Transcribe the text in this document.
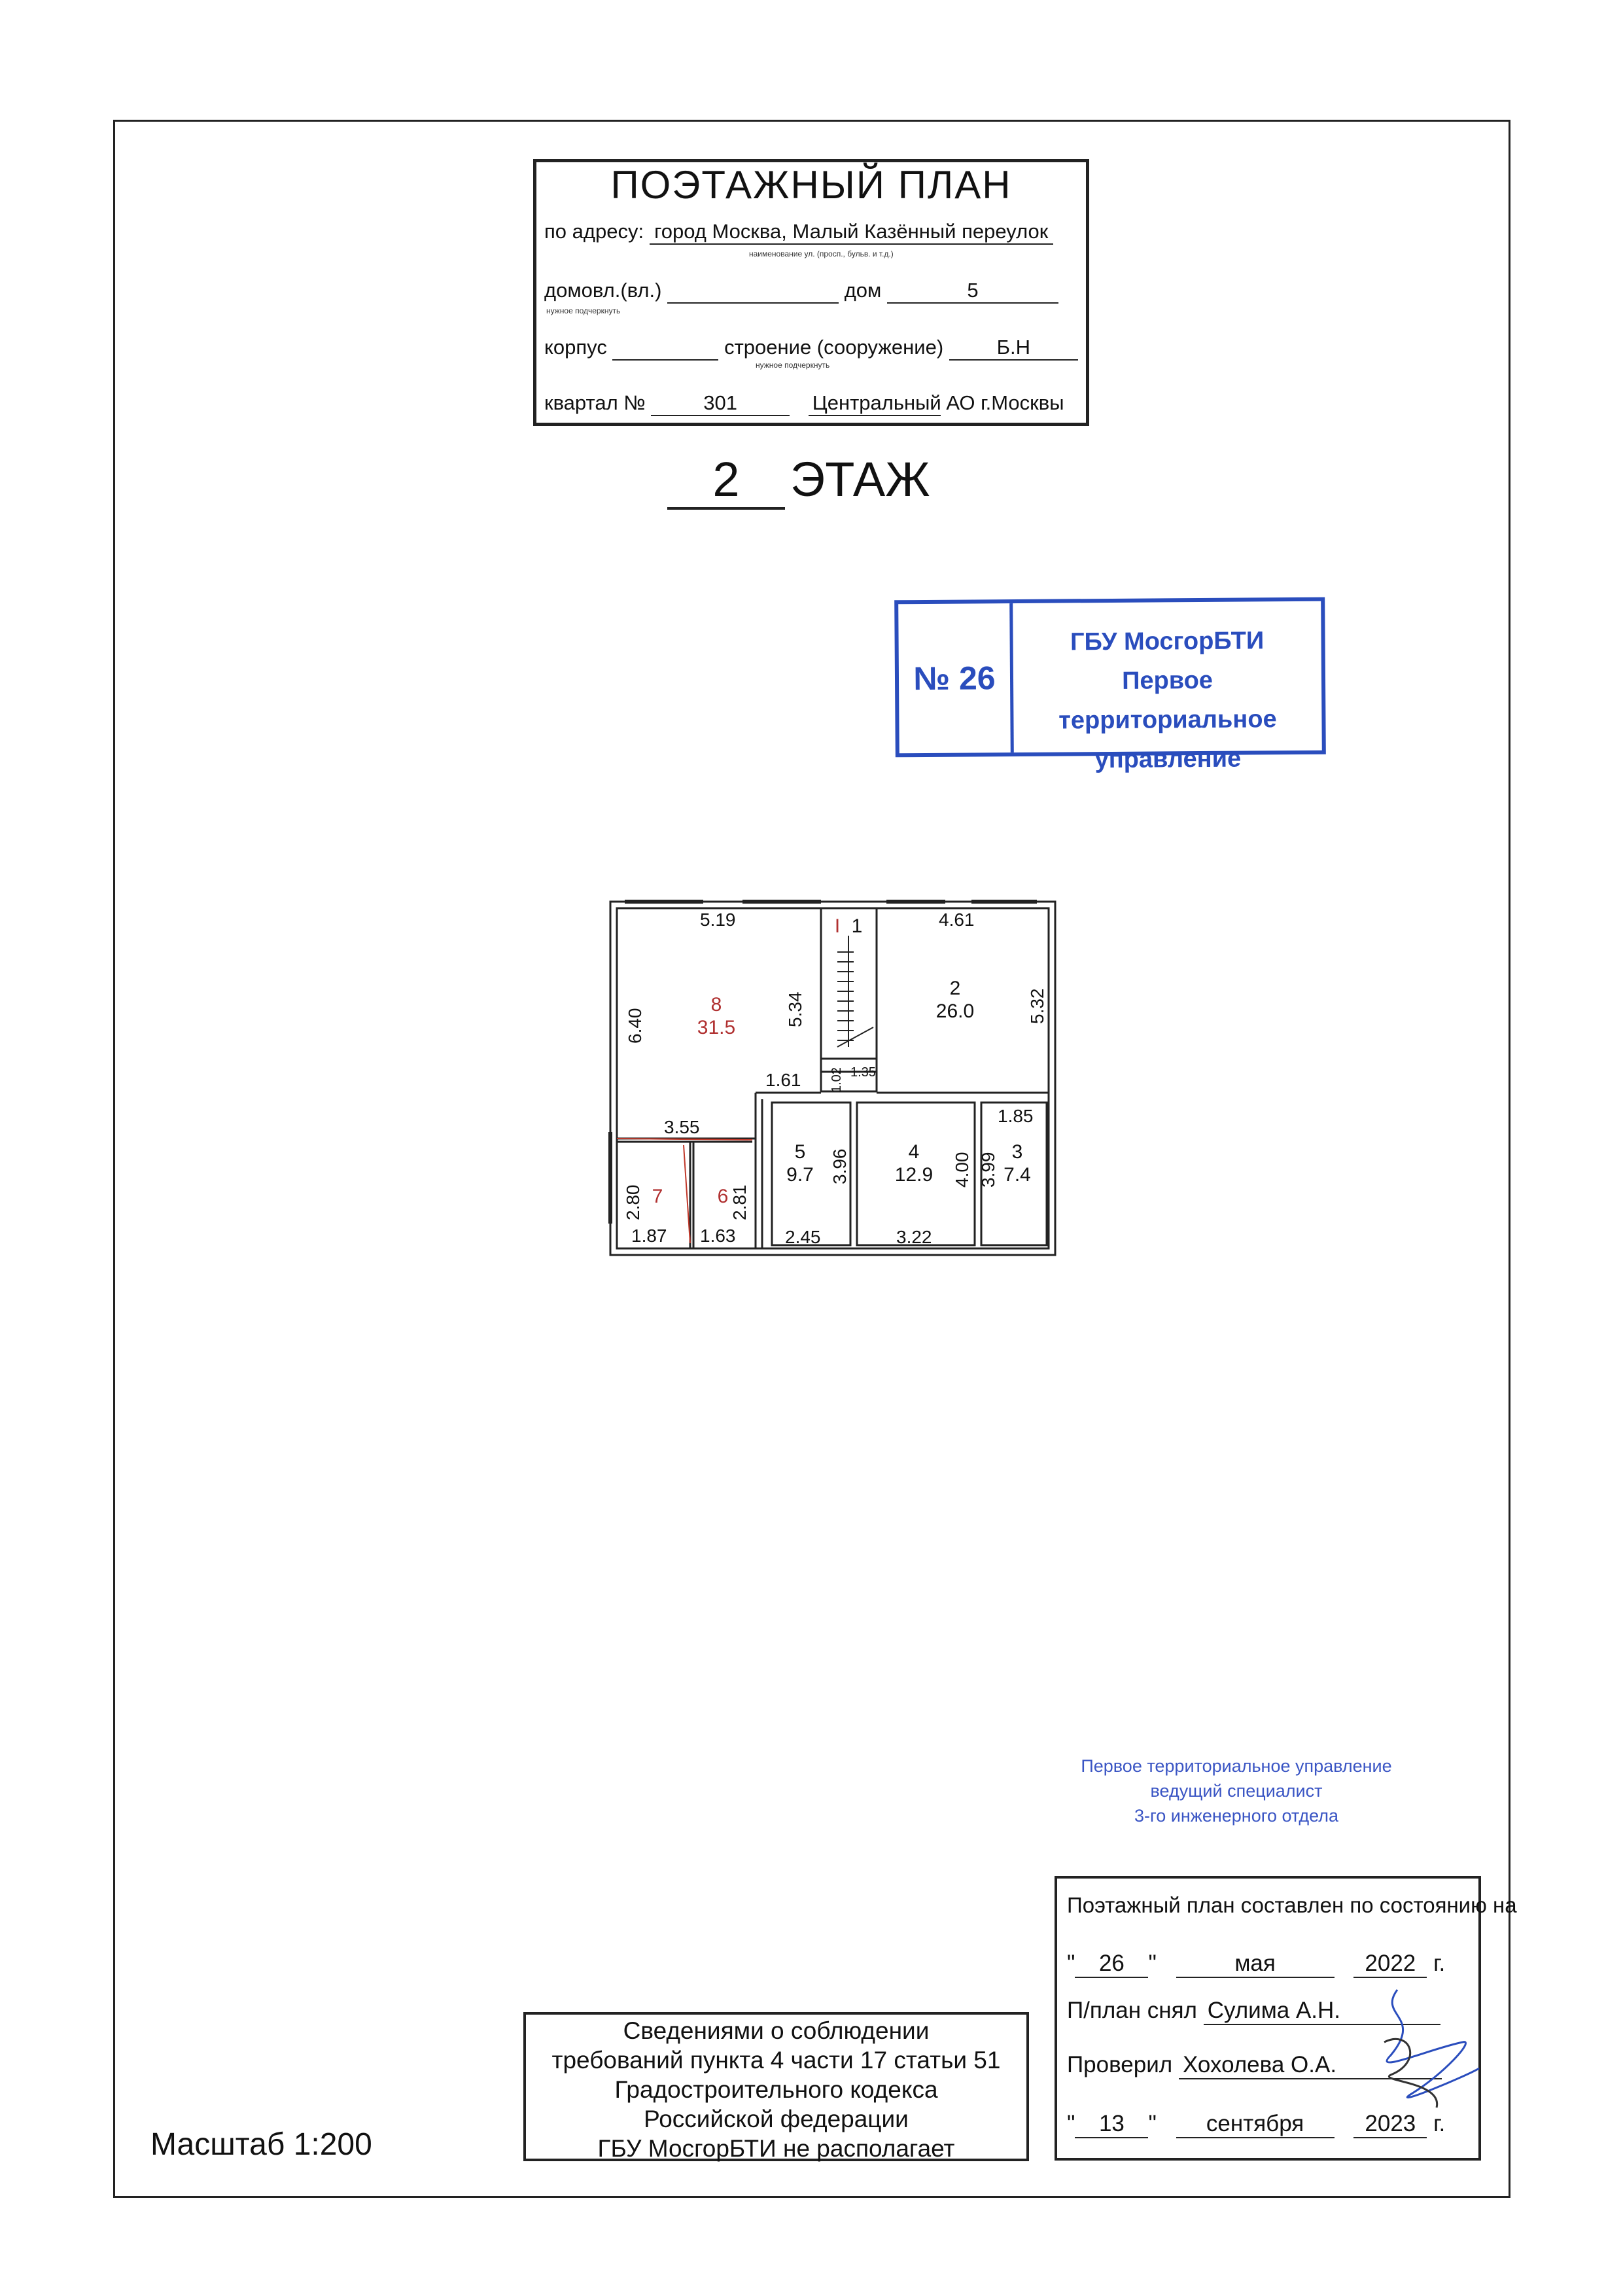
ПОЭТАЖНЫЙ ПЛАН
по адресу: город Москва, Малый Казённый переулок
наименование ул. (просп., бульв. и т.д.)
домовл.(вл.)	дом	5
нужное подчеркнуть
корпус	строение (сооружение)	Б.Н
нужное подчеркнуть
квартал №	301	Центральный АО г.Москвы
2 ЭТАЖ
№ 26
ГБУ МосгорБТИ
Первое территориальное
управление
5.19	4.61
5.34	5.32
6.40
1.61 1.02 1.35
3.55
1.85
3.96	4.00 3.99
2.80	2.81
1.87 1.63	2.45	3.22
8
31.5
2
26.0
I 1
5
9.7
4
12.9
3
7.4
7	6
Первое территориальное управление
ведущий специалист
3-го инженерного отдела
Сведениями о соблюдении
требований пункта 4 части 17 статьи 51
Градостроительного кодекса
Российской федерации
ГБУ МосгорБТИ не располагает
Поэтажный план составлен по состоянию на
" 26 "	мая	2022 г.
П/план снял Сулима А.Н.
Проверил Хохолева О.А.
" 13 " сентября	2023 г.
Масштаб 1:200
